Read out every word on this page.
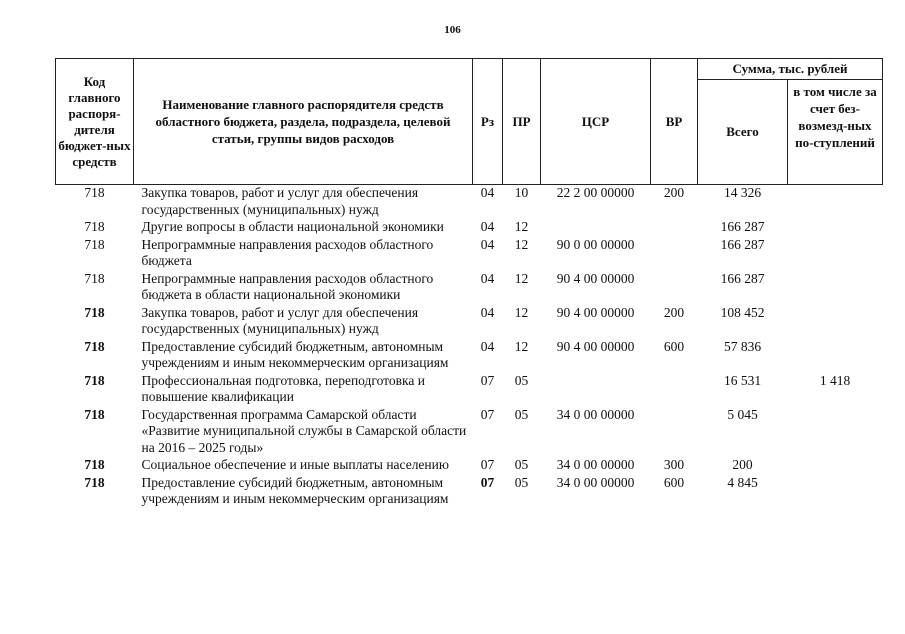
106
Код главного распоря-дителя бюджет-ных средств	Наименование главного распорядителя средств областного бюджета, раздела, подраздела, целевой статьи, группы видов расходов	Рз	ПР	ЦСР	ВР	Сумма, тыс. рублей	
						Всего	в том числе за счет без-возмезд-ных по-ступлений
718	Закупка товаров, работ и услуг для обеспечения государственных (муниципальных) нужд	04	10	22 2 00 00000	200	14 326	
718	Другие вопросы в области национальной экономики	04	12			166 287	
718	Непрограммные направления расходов областного бюджета	04	12	90 0 00 00000		166 287	
718	Непрограммные направления расходов областного бюджета в области национальной экономики	04	12	90 4 00 00000		166 287	
718	Закупка товаров, работ и услуг для обеспечения государственных (муниципальных) нужд	04	12	90 4 00 00000	200	108 452	
718	Предоставление субсидий бюджетным, автономным учреждениям и иным некоммерческим организациям	04	12	90 4 00 00000	600	57 836	
718	Профессиональная подготовка, переподготовка и повышение квалификации	07	05			16 531	1 418
718	Государственная программа Самарской области «Развитие муниципальной службы в Самарской области на 2016 – 2025 годы»	07	05	34 0 00 00000		5 045	
718	Социальное обеспечение и иные выплаты населению	07	05	34 0 00 00000	300	200	
718	Предоставление субсидий бюджетным, автономным учреждениям и иным некоммерческим организациям	07	05	34 0 00 00000	600	4 845	
